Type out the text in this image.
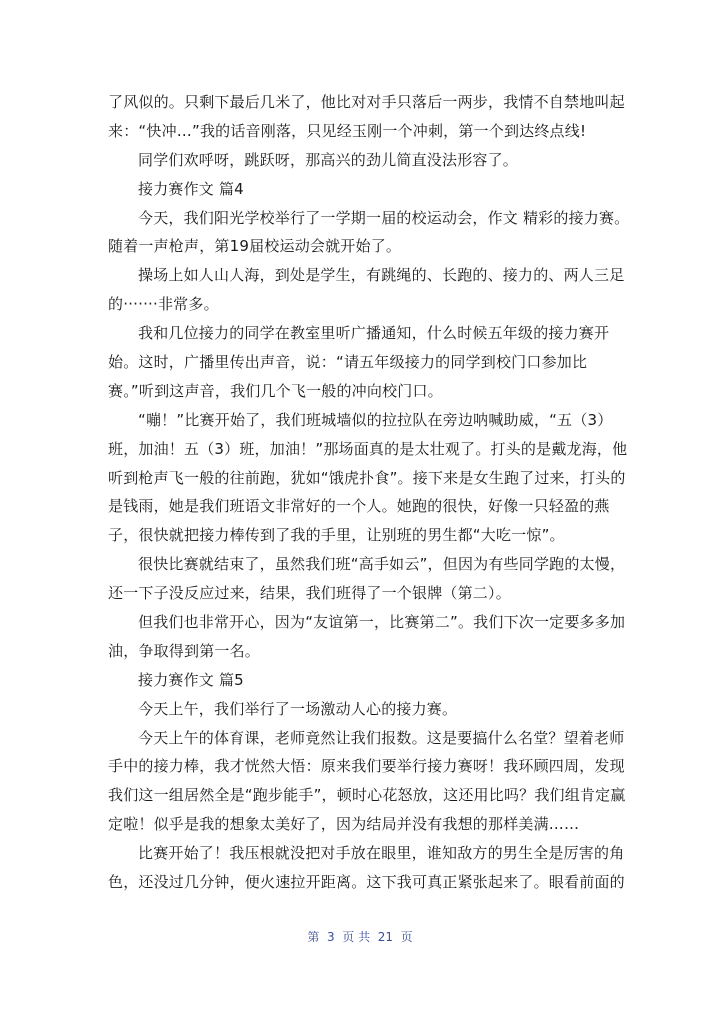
了风似的。只剩下最后几米了，他比对对手只落后一两步，我情不自禁地叫起
来：“快冲…”我的话音刚落，只见经玉刚一个冲刺，第一个到达终点线!
同学们欢呼呀，跳跃呀，那高兴的劲儿简直没法形容了。
接力赛作文 篇4
今天，我们阳光学校举行了一学期一届的校运动会，作文 精彩的接力赛。
随着一声枪声，第19届校运动会就开始了。
操场上如人山人海，到处是学生，有跳绳的、长跑的、接力的、两人三足
的·······非常多。
我和几位接力的同学在教室里听广播通知，什么时候五年级的接力赛开
始。这时，广播里传出声音，说：“请五年级接力的同学到校门口参加比
赛。”听到这声音，我们几个飞一般的冲向校门口。
“嘣！”比赛开始了，我们班城墙似的拉拉队在旁边呐喊助威，“五（3）
班，加油！五（3）班，加油！”那场面真的是太壮观了。打头的是戴龙海，他
听到枪声飞一般的往前跑，犹如“饿虎扑食”。接下来是女生跑了过来，打头的
是钱雨，她是我们班语文非常好的一个人。她跑的很快，好像一只轻盈的燕
子，很快就把接力棒传到了我的手里，让别班的男生都“大吃一惊”。
很快比赛就结束了，虽然我们班“高手如云”，但因为有些同学跑的太慢，
还一下子没反应过来，结果，我们班得了一个银牌（第二）。
但我们也非常开心，因为“友谊第一，比赛第二”。我们下次一定要多多加
油，争取得到第一名。
接力赛作文 篇5
今天上午，我们举行了一场激动人心的接力赛。
今天上午的体育课，老师竟然让我们报数。这是要搞什么名堂？望着老师
手中的接力棒，我才恍然大悟：原来我们要举行接力赛呀！我环顾四周，发现
我们这一组居然全是“跑步能手”，顿时心花怒放，这还用比吗？我们组肯定赢
定啦！似乎是我的想象太美好了，因为结局并没有我想的那样美满……
比赛开始了！我压根就没把对手放在眼里，谁知敌方的男生全是厉害的角
色，还没过几分钟，便火速拉开距离。这下我可真正紧张起来了。眼看前面的
第  3  页 共  21  页
